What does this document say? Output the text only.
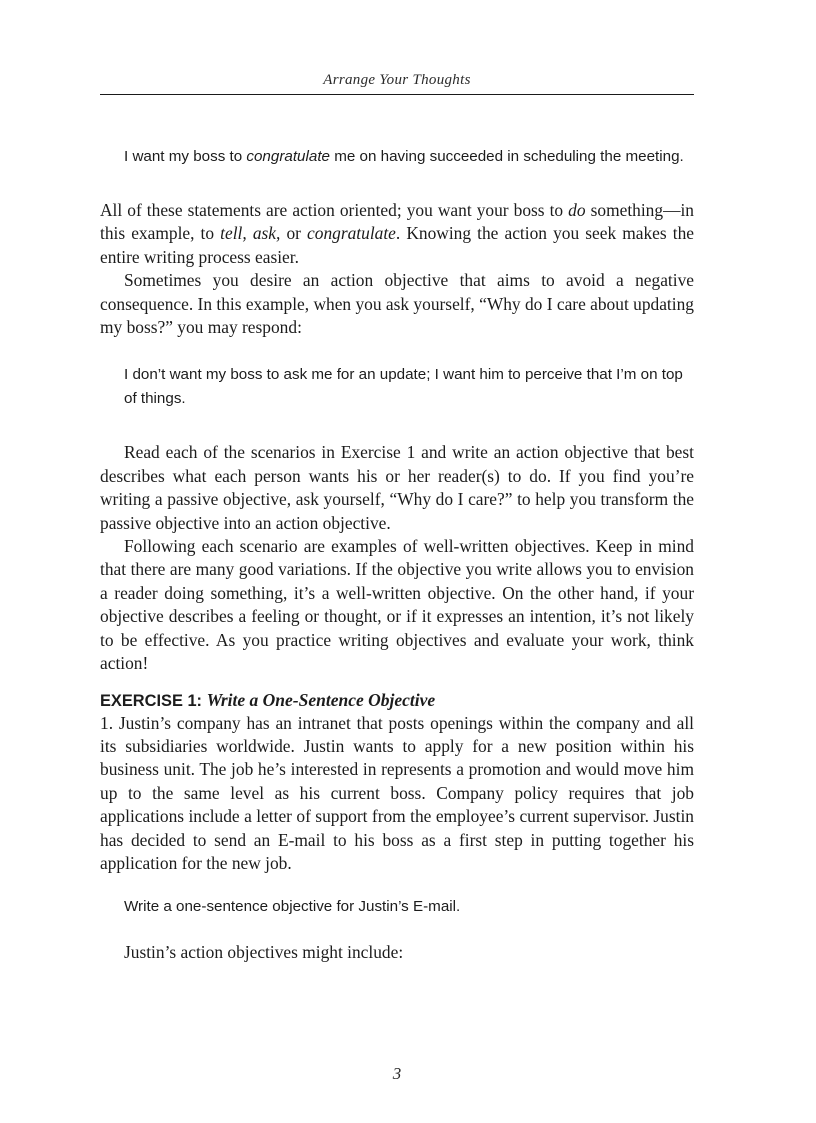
Arrange Your Thoughts

I want my boss to congratulate me on having succeeded in scheduling the meeting.

All of these statements are action oriented; you want your boss to do something—in this example, to tell, ask, or congratulate. Knowing the action you seek makes the entire writing process easier.

Sometimes you desire an action objective that aims to avoid a negative consequence. In this example, when you ask yourself, “Why do I care about updating my boss?” you may respond:

I don’t want my boss to ask me for an update; I want him to perceive that I’m on top of things.

Read each of the scenarios in Exercise 1 and write an action objective that best describes what each person wants his or her reader(s) to do. If you find you’re writing a passive objective, ask yourself, “Why do I care?” to help you transform the passive objective into an action objective.

Following each scenario are examples of well-written objectives. Keep in mind that there are many good variations. If the objective you write allows you to envision a reader doing something, it’s a well-written objective. On the other hand, if your objective describes a feeling or thought, or if it expresses an intention, it’s not likely to be effective. As you practice writing objectives and evaluate your work, think action!

EXERCISE 1: Write a One-Sentence Objective

1. Justin’s company has an intranet that posts openings within the company and all its subsidiaries worldwide. Justin wants to apply for a new position within his business unit. The job he’s interested in represents a promotion and would move him up to the same level as his current boss. Company policy requires that job applications include a letter of support from the employee’s current supervisor. Justin has decided to send an E-mail to his boss as a first step in putting together his application for the new job.

Write a one-sentence objective for Justin’s E-mail.

Justin’s action objectives might include:

3
